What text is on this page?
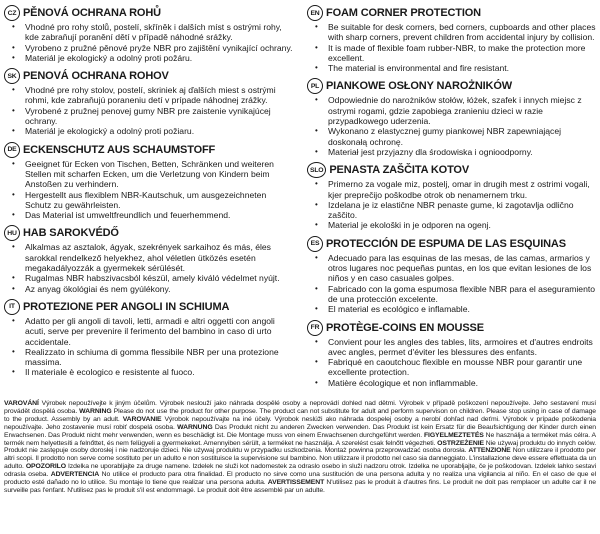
CZ PĚNOVÁ OCHRANA ROHŮ
• Vhodné pro rohy stolů, postelí, skříněk i dalších míst s ostrými rohy, kde zabraňují poranění dětí v případě náhodné srážky.
• Vyrobeno z pružné pěnové pryže NBR pro zajištění vynikající ochrany.
• Materiál je ekologický a odolný proti požáru.
SK PENOVÁ OCHRANA ROHOV
• Vhodné pre rohy stolov, postelí, skriniek aj ďalších miest s ostrými rohmi, kde zabraňujú poraneniu detí v prípade náhodnej zrážky.
• Vyrobené z pružnej penovej gumy NBR pre zaistenie vynikajúcej ochrany.
• Materiál je ekologický a odolný proti požiaru.
DE ECKENSCHUTZ AUS SCHAUMSTOFF
• Geeignet für Ecken von Tischen, Betten, Schränken und weiteren Stellen mit scharfen Ecken, um die Verletzung von Kindern beim Anstoßen zu verhindern.
• Hergestellt aus flexiblem NBR-Kautschuk, um ausgezeichneten Schutz zu gewährleisten.
• Das Material ist umweltfreundlich und feuerhemmend.
HU HAB SAROKVÉDŐ
• Alkalmas az asztalok, ágyak, szekrények sarkaihoz és más, éles sarokkal rendelkező helyekhez, ahol véletlen ütközés esetén megakadályozzák a gyermekek sérülését.
• Rugalmas NBR habszivacsból készül, amely kiváló védelmet nyújt.
• Az anyag ökológiai és nem gyúlékony.
IT PROTEZIONE PER ANGOLI IN SCHIUMA
• Adatto per gli angoli di tavoli, letti, armadi e altri oggetti con angoli acuti, serve per prevenire il ferimento del bambino in caso di urto accidentale.
• Realizzato in schiuma di gomma flessibile NBR per una protezione massima.
• Il materiale è ecologico e resistente al fuoco.
EN FOAM CORNER PROTECTION
• Be suitable for desk corners, bed corners, cupboards and other places with sharp corners, prevent children from accidental injury by collision.
• It is made of flexible foam rubber-NBR, to make the protection more excellent.
• The material is environmental and fire resistant.
PL PIANKOWE OSŁONY NAROŻNIKÓW
• Odpowiednie do narożników stołów, łóżek, szafek i innych miejsc z ostrymi rogami, gdzie zapobiega zranieniu dzieci w razie przypadkowego uderzenia.
• Wykonano z elastycznej gumy piankowej NBR zapewniającej doskonałą ochronę.
• Materiał jest przyjazny dla środowiska i ognioodporny.
SLO PENASTA ZAŠČITA KOTOV
• Primerno za vogale miz, postelj, omar in drugih mest z ostrimi vogali, kjer preprečijo poškodbe otrok ob nenamernem trku.
• Izdelana je iz elastične NBR penaste gume, ki zagotavlja odlično zaščito.
• Material je ekološki in je odporen na ogenj.
ES PROTECCIÓN DE ESPUMA DE LAS ESQUINAS
• Adecuado para las esquinas de las mesas, de las camas, armarios y otros lugares noc pequeñas puntas, en los que evitan lesiones de los niños y en caso casuales golpes.
• Fabricado con la goma espumosa flexible NBR para el aseguramiento de una protección excelente.
• El material es ecológico e inflamable.
FR PROTÈGE-COINS EN MOUSSE
• Convient pour les angles des tables, lits, armoires et d'autres endroits avec angles, permet d'éviter les blessures des enfants.
• Fabriqué en caoutchouc flexible en mousse NBR pour garantir une excellente protection.
• Matière écologique et non inflammable.

VAROVÁNÍ Výrobek nepoužívejte k jiným účelům. Výrobek neslouží jako náhrada dospělé osoby a neprovádí dohled nad dětmi. Výrobek v případě poškození nepoužívejte. Jeho sestavení musí provádět dospělá osoba. WARNING Please do not use the product for other purpose. The product can not substitute for adult and perform supervison on children. Please stop using in case of damage to the product. Assembly by an adult. VAROVANIE Výrobok nepoužívajte na iné účely. Výrobok neslúži ako náhrada dospelej osoby a nerobí dohľad nad deťmi. Výrobok v prípade poškodenia nepoužívajte. Jeho zostavenie musí robiť dospelá osoba. WARNUNG Das Produkt nicht zu anderen Zwecken verwenden. Das Produkt ist kein Ersatz für die Beaufsichtigung der Kinder durch einen Erwachsenen. Das Produkt nicht mehr verwenden, wenn es beschädigt ist. Die Montage muss von einem Erwachsenen durchgeführt werden. FIGYELMEZTETÉS Ne használja a terméket más célra. A termék nem helyettesíti a felnőttet, és nem felügyeli a gyermekeket. Amennyiben sérült, a terméket ne használja. A szerelést csak felnőtt végezheti. OSTRZEŻENIE Nie używaj produktu do innych celów. Produkt nie zastępuje osoby dorosłej i nie nadzoruje dzieci. Nie używaj produktu w przypadku uszkodzenia. Montaż powinna przeprowadzać osoba dorosła. ATTENZIONE Non utilizzare il prodotto per altri scopi. Il prodotto non serve come sostituto per un adulto e non sostituisce la supervisione sul bambino. Non utilizzare il prodotto nel caso sia danneggiato. L'installazione deve essere effettuata da un adulto. OPOZORILO Izdelka ne uporabljajte za druge namene. Izdelek ne služi kot nadomestek za odraslo osebo in služi nadzoru otrok. Izdelka ne uporabljajte, če je poškodovan. Izdelek lahko sestavi odrasla oseba. ADVERTENCIA No utilice el producto para otra finalidad. El producto no sirve como una sustitución de una persona adulta y no realiza una vigilancia al niño. En el caso de que el producto esté dañado no lo utilice. Su montaje lo tiene que realizar una persona adulta. AVERTISSEMENT N'utilisez pas le produit à d'autres fins. Le produit ne doit pas remplacer un adulte car il ne surveille pas l'enfant. N'utilisez pas le produit s'il est endommagé. Le produit doit être assemblé par un adulte.
